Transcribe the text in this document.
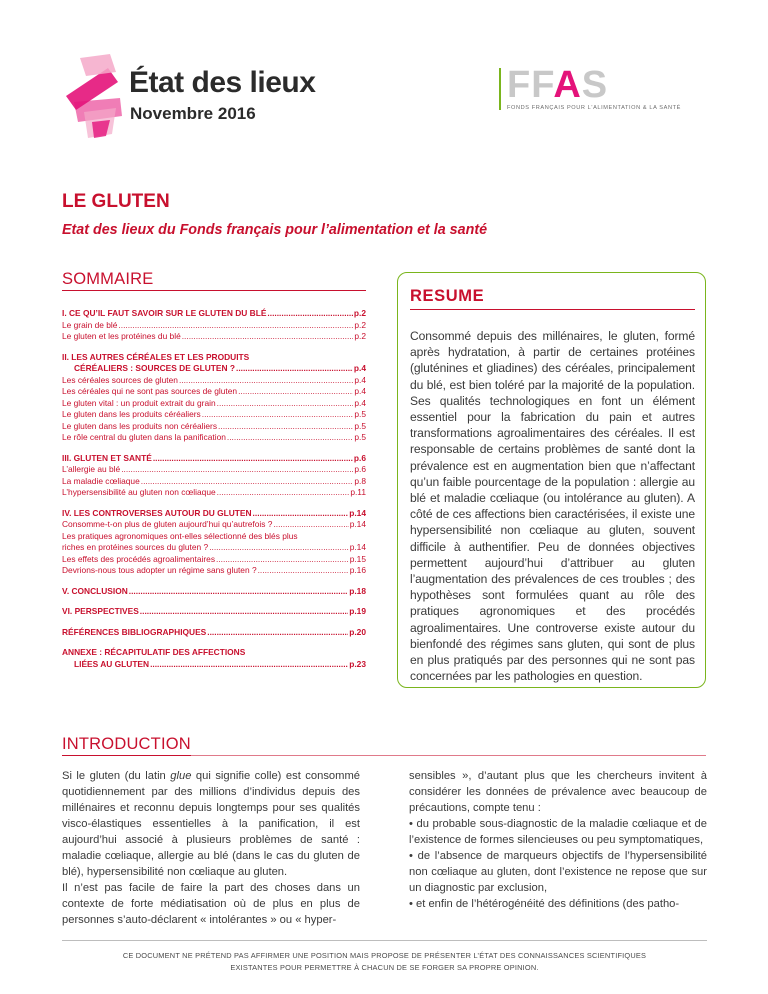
État des lieux
Novembre 2016
FFAS
FONDS FRANÇAIS POUR L'ALIMENTATION & LA SANTÉ
LE GLUTEN
Etat des lieux du Fonds français pour l’alimentation et la santé
SOMMAIRE
I. CE QU’IL FAUT SAVOIR SUR LE GLUTEN DU BLÉ .....	p.2
Le grain de blé .....	p.2
Le gluten et les protéines du blé .....	p.2
II. LES AUTRES CÉRÉALES ET LES PRODUITS
CÉRÉALIERS : SOURCES DE GLUTEN ? .....	p.4
Les céréales sources de gluten .....	p.4
Les céréales qui ne sont pas sources de gluten .....	p.4
Le gluten vital : un produit extrait du grain .....	p.4
Le gluten dans les produits céréaliers .....	p.5
Le gluten dans les produits non céréaliers .....	p.5
Le rôle central du gluten dans la panification .....	p.5
III. GLUTEN ET SANTÉ .....	p.6
L’allergie au blé .....	p.6
La maladie cœliaque .....	p.8
L’hypersensibilité au gluten non cœliaque .....	p.11
IV. LES CONTROVERSES AUTOUR DU GLUTEN .....	p.14
Consomme-t-on plus de gluten aujourd’hui qu’autrefois ? .....	p.14
Les pratiques agronomiques ont-elles sélectionné des blés plus
riches en protéines sources du gluten ? .....	p.14
Les effets des procédés agroalimentaires .....	p.15
Devrions-nous tous adopter un régime sans gluten ? .....	p.16
V. CONCLUSION .....	p.18
VI. PERSPECTIVES .....	p.19
RÉFÉRENCES BIBLIOGRAPHIQUES .....	p.20
ANNEXE : RÉCAPITULATIF DES AFFECTIONS
LIÉES AU GLUTEN .....	p.23
RESUME
Consommé depuis des millénaires, le gluten, formé après hydratation, à partir de certaines protéines (gluténines et gliadines) des céréales, principalement du blé, est bien toléré par la majorité de la population. Ses qualités technologiques en font un élément essentiel pour la fabrication du pain et autres transformations agroalimentaires des céréales. Il est responsable de certains problèmes de santé dont la prévalence est en augmentation bien que n’affectant qu’un faible pourcentage de la population : allergie au blé et maladie cœliaque (ou intolérance au gluten). A côté de ces affections bien caractérisées, il existe une hypersensibilité non cœliaque au gluten, souvent difficile à authentifier. Peu de données objectives permettent aujourd’hui d’attribuer au gluten l’augmentation des prévalences de ces troubles ; des hypothèses sont formulées quant au rôle des pratiques agronomiques et des procédés agroalimentaires. Une controverse existe autour du bienfondé des régimes sans gluten, qui sont de plus en plus pratiqués par des personnes qui ne sont pas concernées par les pathologies en question.
INTRODUCTION

Si le gluten (du latin glue qui signifie colle) est consommé quotidiennement par des millions d’individus depuis des millénaires et reconnu depuis longtemps pour ses qualités visco-élastiques essentielles à la panification, il est aujourd’hui associé à plusieurs problèmes de santé : maladie cœliaque, allergie au blé (dans le cas du gluten de blé), hypersensibilité non cœliaque au gluten.

Il n’est pas facile de faire la part des choses dans un contexte de forte médiatisation où de plus en plus de personnes s’auto-déclarent « intolérantes » ou « hyper-

sensibles », d’autant plus que les chercheurs invitent à considérer les données de prévalence avec beaucoup de précautions, compte tenu :

• du probable sous-diagnostic de la maladie cœliaque et de l’existence de formes silencieuses ou peu symptomatiques,

• de l’absence de marqueurs objectifs de l’hypersensibilité non cœliaque au gluten, dont l’existence ne repose que sur un diagnostic par exclusion,

• et enfin de l’hétérogénéité des définitions (des patho-

CE DOCUMENT NE PRÉTEND PAS AFFIRMER UNE POSITION MAIS PROPOSE DE PRÉSENTER L’ÉTAT DES CONNAISSANCES SCIENTIFIQUES
EXISTANTES POUR PERMETTRE À CHACUN DE SE FORGER SA PROPRE OPINION.
